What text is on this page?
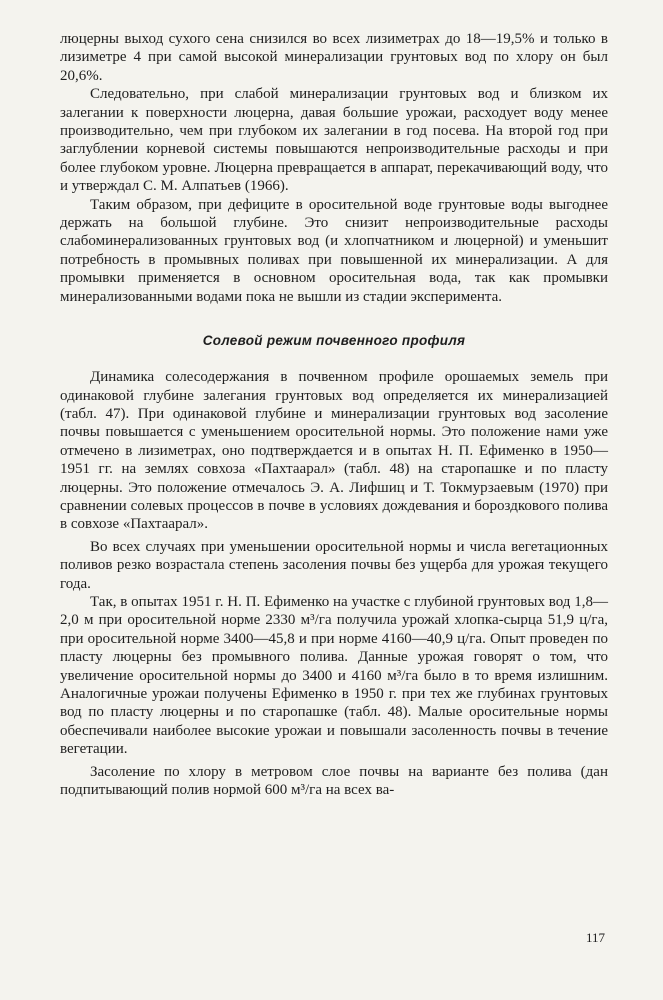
люцерны выход сухого сена снизился во всех лизиметрах до 18—19,5% и только в лизиметре 4 при самой высокой минерализации грунтовых вод по хлору он был 20,6%.

Следовательно, при слабой минерализации грунтовых вод и близком их залегании к поверхности люцерна, давая большие урожаи, расходует воду менее производительно, чем при глубоком их залегании в год посева. На второй год при заглублении корневой системы повышаются непроизводительные расходы и при более глубоком уровне. Люцерна превращается в аппарат, перекачивающий воду, что и утверждал С. М. Алпатьев (1966).

Таким образом, при дефиците в оросительной воде грунтовые воды выгоднее держать на большой глубине. Это снизит непроизводительные расходы слабоминерализованных грунтовых вод (и хлопчатником и люцерной) и уменьшит потребность в промывных поливах при повышенной их минерализации. А для промывки применяется в основном оросительная вода, так как промывки минерализованными водами пока не вышли из стадии эксперимента.

Солевой режим почвенного профиля

Динамика солесодержания в почвенном профиле орошаемых земель при одинаковой глубине залегания грунтовых вод определяется их минерализацией (табл. 47). При одинаковой глубине и минерализации грунтовых вод засоление почвы повышается с уменьшением оросительной нормы. Это положение нами уже отмечено в лизиметрах, оно подтверждается и в опытах Н. П. Ефименко в 1950—1951 гг. на землях совхоза «Пахтаарал» (табл. 48) на старопашке и по пласту люцерны. Это положение отмечалось Э. А. Лифшиц и Т. Токмурзаевым (1970) при сравнении солевых процессов в почве в условиях дождевания и бороздкового полива в совхозе «Пахтаарал».

Во всех случаях при уменьшении оросительной нормы и числа вегетационных поливов резко возрастала степень засоления почвы без ущерба для урожая текущего года.

Так, в опытах 1951 г. Н. П. Ефименко на участке с глубиной грунтовых вод 1,8—2,0 м при оросительной норме 2330 м³/га получила урожай хлопка-сырца 51,9 ц/га, при оросительной норме 3400—45,8 и при норме 4160—40,9 ц/га. Опыт проведен по пласту люцерны без промывного полива. Данные урожая говорят о том, что увеличение оросительной нормы до 3400 и 4160 м³/га было в то время излишним. Аналогичные урожаи получены Ефименко в 1950 г. при тех же глубинах грунтовых вод по пласту люцерны и по старопашке (табл. 48). Малые оросительные нормы обеспечивали наиболее высокие урожаи и повышали засоленность почвы в течение вегетации.

Засоление по хлору в метровом слое почвы на варианте без полива (дан подпитывающий полив нормой 600 м³/га на всех ва-

117
